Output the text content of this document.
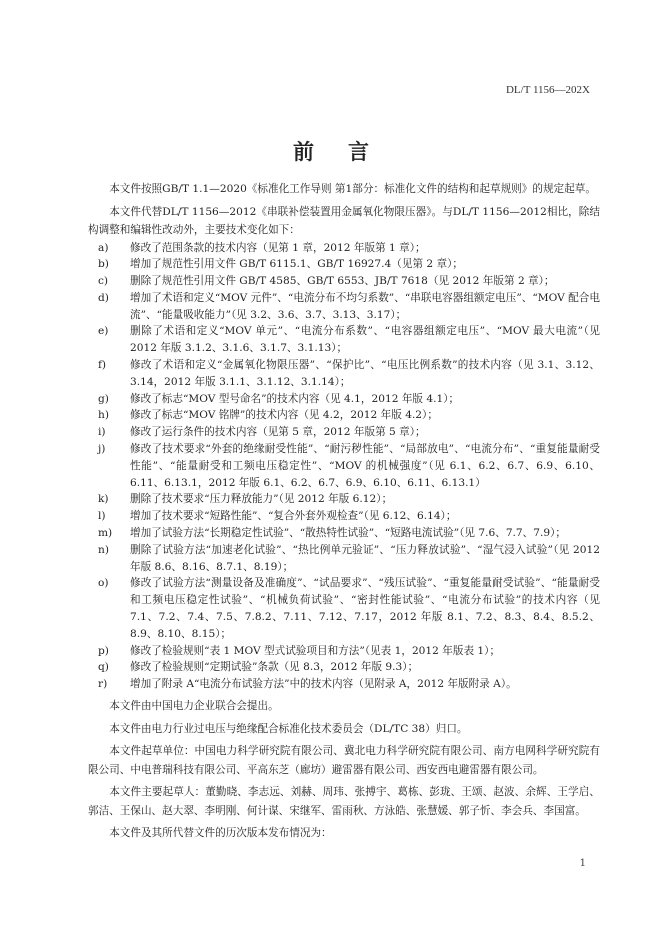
DL/T 1156—202X
前言

本文件按照GB/T 1.1—2020《标准化工作导则 第1部分：标准化文件的结构和起草规则》的规定起草。

本文件代替DL/T 1156—2012《串联补偿装置用金属氧化物限压器》。与DL/T 1156—2012相比，除结构调整和编辑性改动外，主要技术变化如下：

a) 修改了范围条款的技术内容（见第 1 章，2012 年版第 1 章）；
b) 增加了规范性引用文件 GB/T 6115.1、GB/T 16927.4（见第 2 章）；
c) 删除了规范性引用文件 GB/T 4585、GB/T 6553、JB/T 7618（见 2012 年版第 2 章）；
d) 增加了术语和定义“MOV 元件”、“电流分布不均匀系数”、“串联电容器组额定电压”、“MOV 配合电流”、“能量吸收能力”（见 3.2、3.6、3.7、3.13、3.17）；
e) 删除了术语和定义“MOV 单元”、“电流分布系数”、“电容器组额定电压”、“MOV 最大电流”（见 2012 年版 3.1.2、3.1.6、3.1.7、3.1.13）；
f) 修改了术语和定义“金属氧化物限压器”、“保护比”、“电压比例系数”的技术内容（见 3.1、3.12、3.14，2012 年版 3.1.1、3.1.12、3.1.14）；
g) 修改了标志“MOV 型号命名”的技术内容（见 4.1，2012 年版 4.1）；
h) 修改了标志“MOV 铭牌”的技术内容（见 4.2，2012 年版 4.2）；
i) 修改了运行条件的技术内容（见第 5 章，2012 年版第 5 章）；
j) 修改了技术要求“外套的绝缘耐受性能”、“耐污秽性能”、“局部放电”、“电流分布”、“重复能量耐受性能”、“能量耐受和工频电压稳定性”、“MOV 的机械强度”（见 6.1、6.2、6.7、6.9、6.10、6.11、6.13.1，2012 年版 6.1、6.2、6.7、6.9、6.10、6.11、6.13.1）
k) 删除了技术要求“压力释放能力”（见 2012 年版 6.12）；
l) 增加了技术要求“短路性能”、“复合外套外观检查”（见 6.12、6.14）；
m) 增加了试验方法“长期稳定性试验”、“散热特性试验”、“短路电流试验”（见 7.6、7.7、7.9）；
n) 删除了试验方法“加速老化试验”、“热比例单元验证”、“压力释放试验”、“湿气浸入试验”（见 2012 年版 8.6、8.16、8.7.1、8.19）；
o) 修改了试验方法“测量设备及准确度”、“试品要求”、“残压试验”、“重复能量耐受试验”、“能量耐受和工频电压稳定性试验”、“机械负荷试验”、“密封性能试验”、“电流分布试验”的技术内容（见 7.1、7.2、7.4、7.5、7.8.2、7.11、7.12、7.17，2012 年版 8.1、7.2、8.3、8.4、8.5.2、8.9、8.10、8.15）；
p) 修改了检验规则“表 1 MOV 型式试验项目和方法”（见表 1，2012 年版表 1）；
q) 修改了检验规则“定期试验”条款（见 8.3，2012 年版 9.3）；
r) 增加了附录 A“电流分布试验方法”中的技术内容（见附录 A，2012 年版附录 A）。

本文件由中国电力企业联合会提出。

本文件由电力行业过电压与绝缘配合标准化技术委员会（DL/TC 38）归口。

本文件起草单位：中国电力科学研究院有限公司、冀北电力科学研究院有限公司、南方电网科学研究院有限公司、中电普瑞科技有限公司、平高东芝（廊坊）避雷器有限公司、西安西电避雷器有限公司。

本文件主要起草人：董勤晓、李志远、刘赫、周玮、张搏宇、葛栋、彭珑、王颂、赵波、余辉、王学启、郭洁、王保山、赵大翠、李明刚、何计谋、宋继军、雷雨秋、方泳皓、张慧媛、郭子忻、李会兵、李国富。

本文件及其所代替文件的历次版本发布情况为：

1
